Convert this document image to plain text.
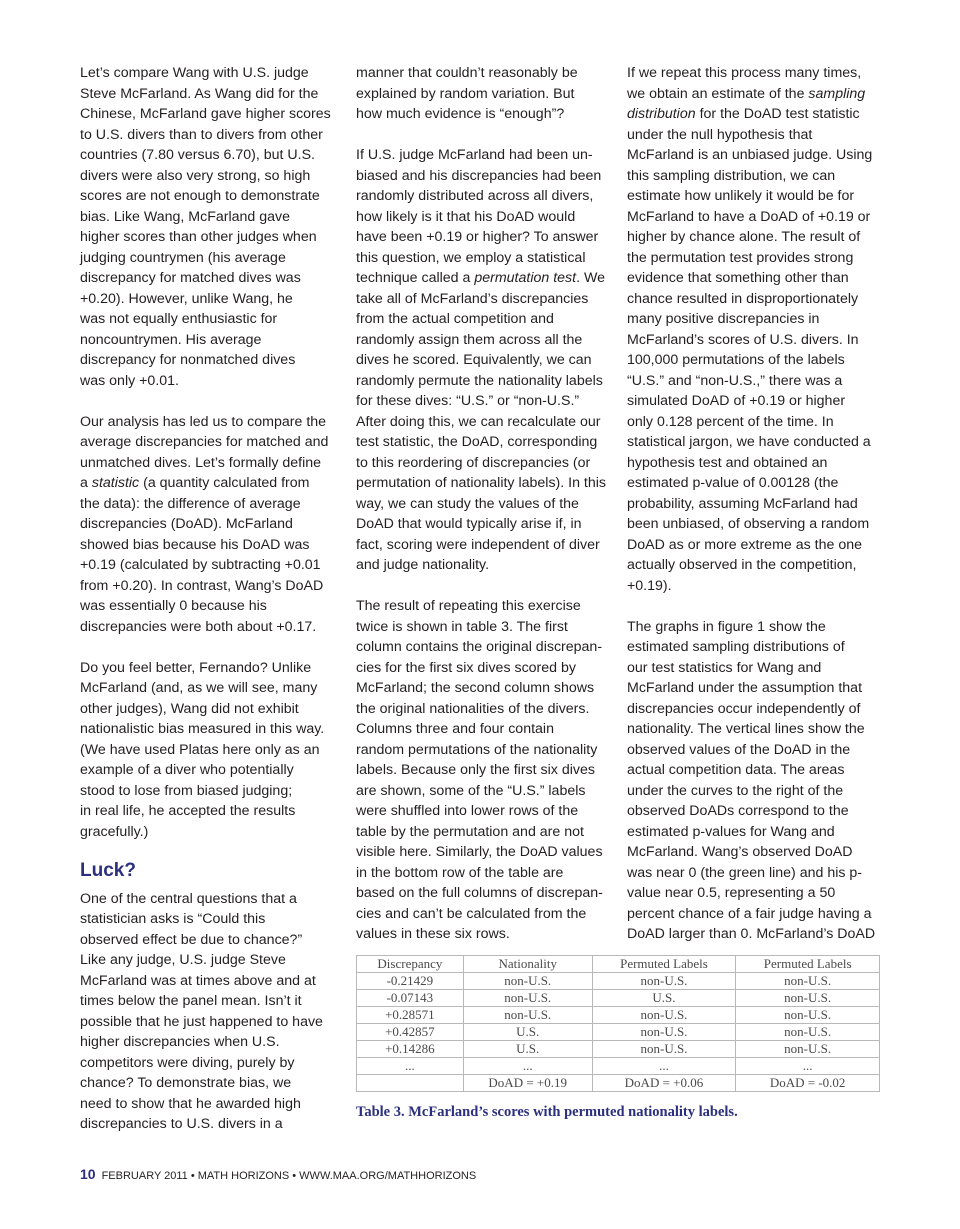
Let’s compare Wang with U.S. judge
Steve McFarland. As Wang did for the
Chinese, McFarland gave higher scores
to U.S. divers than to divers from other
countries (7.80 versus 6.70), but U.S.
divers were also very strong, so high
scores are not enough to demonstrate
bias. Like Wang, McFarland gave
higher scores than other judges when
judging countrymen (his average
discrepancy for matched dives was
+0.20). However, unlike Wang, he
was not equally enthusiastic for
noncountrymen. His average
discrepancy for nonmatched dives
was only +0.01.
Our analysis has led us to compare the
average discrepancies for matched and
unmatched dives. Let’s formally define
a statistic (a quantity calculated from
the data): the difference of average
discrepancies (DoAD). McFarland
showed bias because his DoAD was
+0.19 (calculated by subtracting +0.01
from +0.20). In contrast, Wang’s DoAD
was essentially 0 because his
discrepancies were both about +0.17.
Do you feel better, Fernando? Unlike
McFarland (and, as we will see, many
other judges), Wang did not exhibit
nationalistic bias measured in this way.
(We have used Platas here only as an
example of a diver who potentially
stood to lose from biased judging;
in real life, he accepted the results
gracefully.)
Luck?
One of the central questions that a
statistician asks is “Could this
observed effect be due to chance?”
Like any judge, U.S. judge Steve
McFarland was at times above and at
times below the panel mean. Isn’t it
possible that he just happened to have
higher discrepancies when U.S.
competitors were diving, purely by
chance? To demonstrate bias, we
need to show that he awarded high
discrepancies to U.S. divers in a
manner that couldn’t reasonably be
explained by random variation. But
how much evidence is “enough”?
If U.S. judge McFarland had been un-
biased and his discrepancies had been
randomly distributed across all divers,
how likely is it that his DoAD would
have been +0.19 or higher? To answer
this question, we employ a statistical
technique called a permutation test. We
take all of McFarland’s discrepancies
from the actual competition and
randomly assign them across all the
dives he scored. Equivalently, we can
randomly permute the nationality labels
for these dives: “U.S.” or “non-U.S.”
After doing this, we can recalculate our
test statistic, the DoAD, corresponding
to this reordering of discrepancies (or
permutation of nationality labels). In this
way, we can study the values of the
DoAD that would typically arise if, in
fact, scoring were independent of diver
and judge nationality.
The result of repeating this exercise
twice is shown in table 3. The first
column contains the original discrepan-
cies for the first six dives scored by
McFarland; the second column shows
the original nationalities of the divers.
Columns three and four contain
random permutations of the nationality
labels. Because only the first six dives
are shown, some of the “U.S.” labels
were shuffled into lower rows of the
table by the permutation and are not
visible here. Similarly, the DoAD values
in the bottom row of the table are
based on the full columns of discrepan-
cies and can’t be calculated from the
values in these six rows.
If we repeat this process many times,
we obtain an estimate of the sampling
distribution for the DoAD test statistic
under the null hypothesis that
McFarland is an unbiased judge. Using
this sampling distribution, we can
estimate how unlikely it would be for
McFarland to have a DoAD of +0.19 or
higher by chance alone. The result of
the permutation test provides strong
evidence that something other than
chance resulted in disproportionately
many positive discrepancies in
McFarland’s scores of U.S. divers. In
100,000 permutations of the labels
“U.S.” and “non-U.S.,” there was a
simulated DoAD of +0.19 or higher
only 0.128 percent of the time. In
statistical jargon, we have conducted a
hypothesis test and obtained an
estimated p-value of 0.00128 (the
probability, assuming McFarland had
been unbiased, of observing a random
DoAD as or more extreme as the one
actually observed in the competition,
+0.19).
The graphs in figure 1 show the
estimated sampling distributions of
our test statistics for Wang and
McFarland under the assumption that
discrepancies occur independently of
nationality. The vertical lines show the
observed values of the DoAD in the
actual competition data. The areas
under the curves to the right of the
observed DoADs correspond to the
estimated p-values for Wang and
McFarland. Wang’s observed DoAD
was near 0 (the green line) and his p-
value near 0.5, representing a 50
percent chance of a fair judge having a
DoAD larger than 0. McFarland’s DoAD
Discrepancy	Nationality	Permuted Labels	Permuted Labels
-0.21429	non-U.S.	non-U.S.	non-U.S.
-0.07143	non-U.S.	U.S.	non-U.S.
+0.28571	non-U.S.	non-U.S.	non-U.S.
+0.42857	U.S.	non-U.S.	non-U.S.
+0.14286	U.S.	non-U.S.	non-U.S.
...	...	...	...
	DoAD = +0.19	DoAD = +0.06	DoAD = -0.02
Table 3. McFarland’s scores with permuted nationality labels.
10 FEBRUARY 2011 • MATH HORIZONS • WWW.MAA.ORG/MATHHORIZONS
